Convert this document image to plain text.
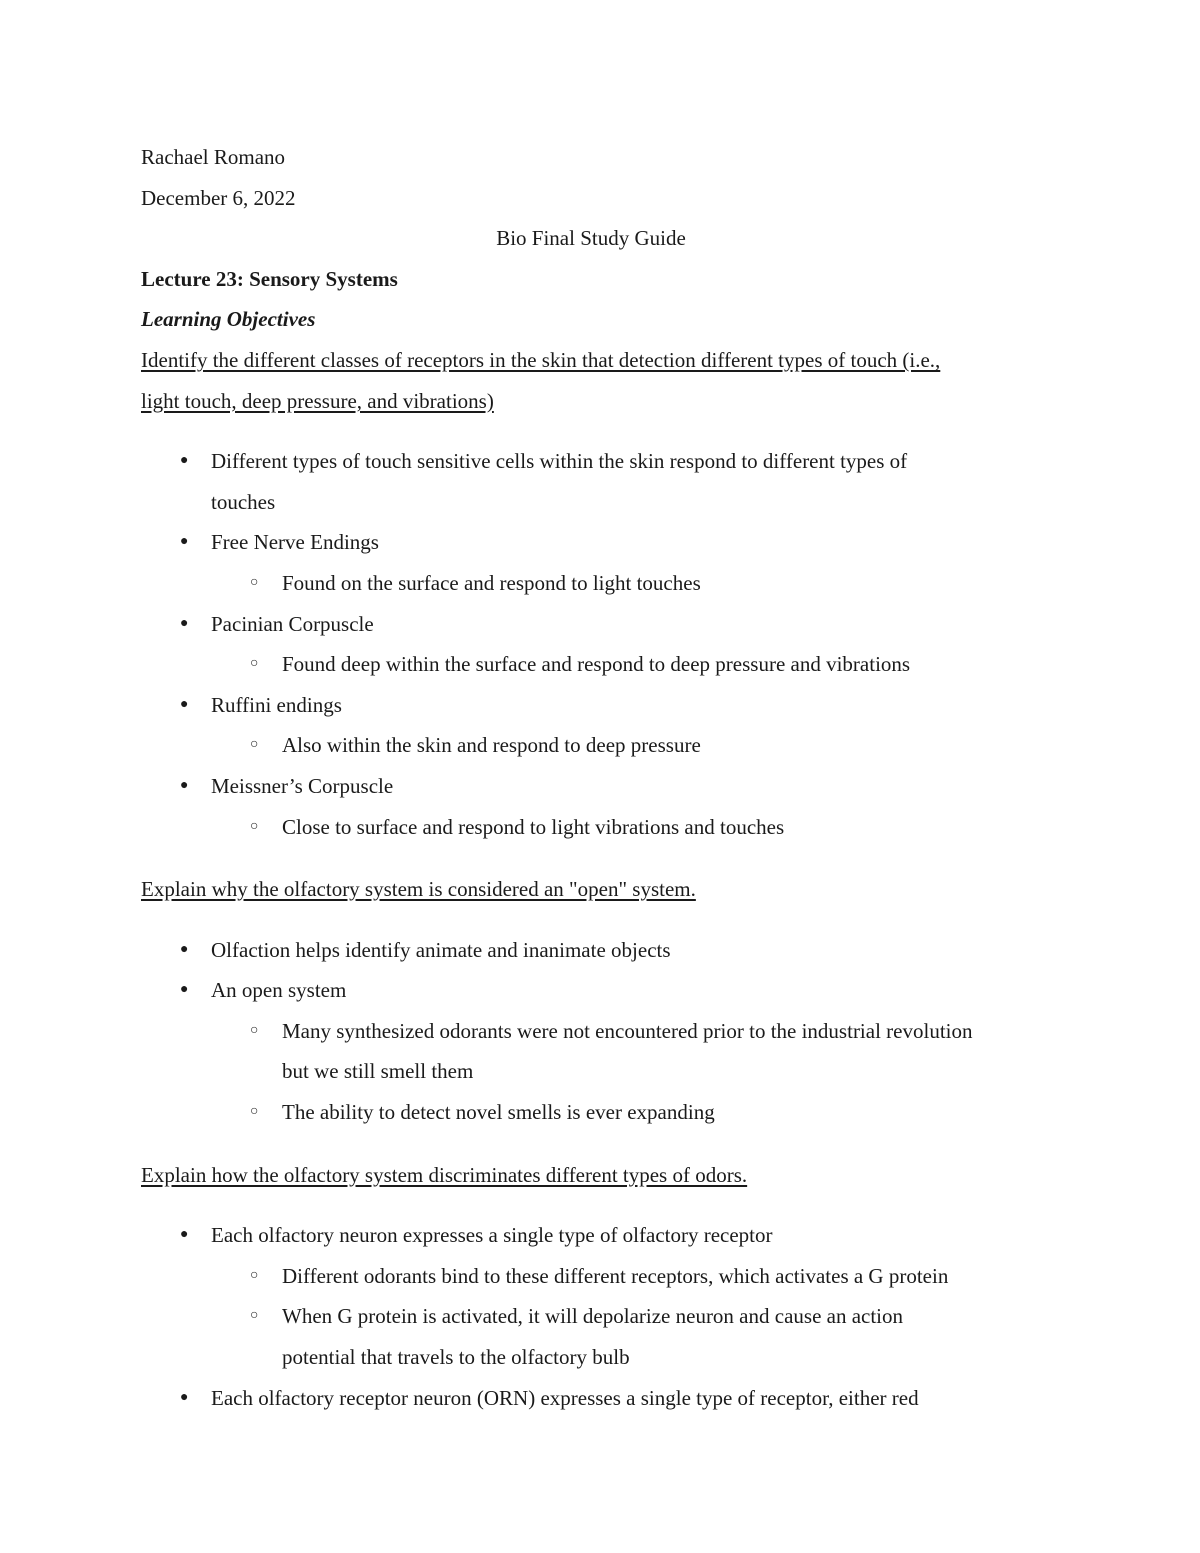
Rachael Romano
December 6, 2022
Bio Final Study Guide
Lecture 23: Sensory Systems
Learning Objectives
Identify the different classes of receptors in the skin that detection different types of touch (i.e.,
light touch, deep pressure, and vibrations)
● Different types of touch sensitive cells within the skin respond to different types of
touches
● Free Nerve Endings
○ Found on the surface and respond to light touches
● Pacinian Corpuscle
○ Found deep within the surface and respond to deep pressure and vibrations
● Ruffini endings
○ Also within the skin and respond to deep pressure
● Meissner’s Corpuscle
○ Close to surface and respond to light vibrations and touches
Explain why the olfactory system is considered an "open" system.
● Olfaction helps identify animate and inanimate objects
● An open system
○ Many synthesized odorants were not encountered prior to the industrial revolution
but we still smell them
○ The ability to detect novel smells is ever expanding
Explain how the olfactory system discriminates different types of odors.
● Each olfactory neuron expresses a single type of olfactory receptor
○ Different odorants bind to these different receptors, which activates a G protein
○ When G protein is activated, it will depolarize neuron and cause an action
potential that travels to the olfactory bulb
● Each olfactory receptor neuron (ORN) expresses a single type of receptor, either red
